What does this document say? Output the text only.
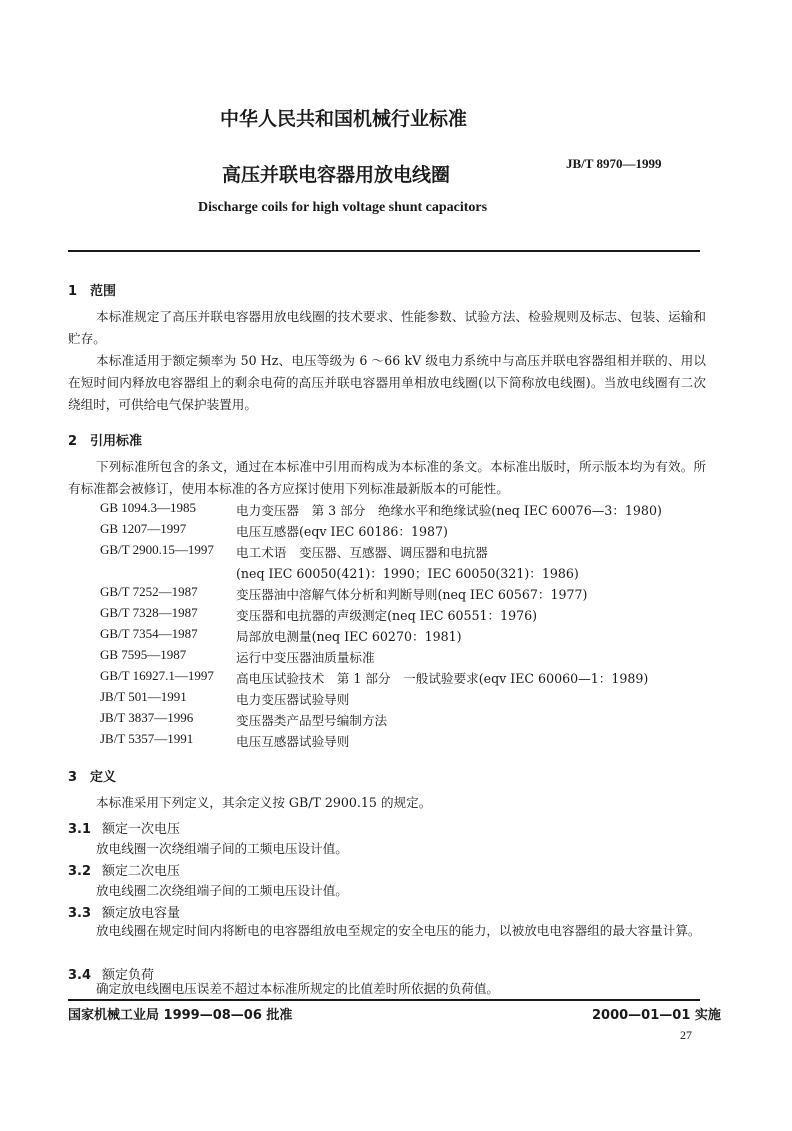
中华人民共和国机械行业标准
JB/T 8970—1999
高压并联电容器用放电线圈
Discharge coils for high voltage shunt capacitors
1 范围
本标准规定了高压并联电容器用放电线圈的技术要求、性能参数、试验方法、检验规则及标志、包装、运输和贮存。
本标准适用于额定频率为 50 Hz、电压等级为 6 ～66 kV 级电力系统中与高压并联电容器组相并联的、用以在短时间内释放电容器组上的剩余电荷的高压并联电容器用单相放电线圈(以下简称放电线圈)。当放电线圈有二次绕组时，可供给电气保护装置用。
2 引用标准
下列标准所包含的条文，通过在本标准中引用而构成为本标准的条文。本标准出版时，所示版本均为有效。所有标准都会被修订，使用本标准的各方应探讨使用下列标准最新版本的可能性。
GB 1094.3—1985	电力变压器　第 3 部分　绝缘水平和绝缘试验(neq IEC 60076—3：1980)
GB 1207—1997	电压互感器(eqv IEC 60186：1987)
GB/T 2900.15—1997 电工术语　变压器、互感器、调压器和电抗器
(neq IEC 60050(421)：1990；IEC 60050(321)：1986)
GB/T 7252—1987	变压器油中溶解气体分析和判断导则(neq IEC 60567：1977)
GB/T 7328—1987	变压器和电抗器的声级测定(neq IEC 60551：1976)
GB/T 7354—1987	局部放电测量(neq IEC 60270：1981)
GB 7595—1987	运行中变压器油质量标准
GB/T 16927.1—1997 高电压试验技术　第 1 部分　一般试验要求(eqv IEC 60060—1：1989)
JB/T 501—1991	电力变压器试验导则
JB/T 3837—1996	变压器类产品型号编制方法
JB/T 5357—1991	电压互感器试验导则
3 定义
本标准采用下列定义，其余定义按 GB/T 2900.15 的规定。
3.1 额定一次电压
放电线圈一次绕组端子间的工频电压设计值。
3.2 额定二次电压
放电线圈二次绕组端子间的工频电压设计值。
3.3 额定放电容量
放电线圈在规定时间内将断电的电容器组放电至规定的安全电压的能力，以被放电电容器组的最大容量计算。
3.4 额定负荷
确定放电线圈电压误差不超过本标准所规定的比值差时所依据的负荷值。
国家机械工业局 1999—08—06 批准	2000—01—01 实施
27
